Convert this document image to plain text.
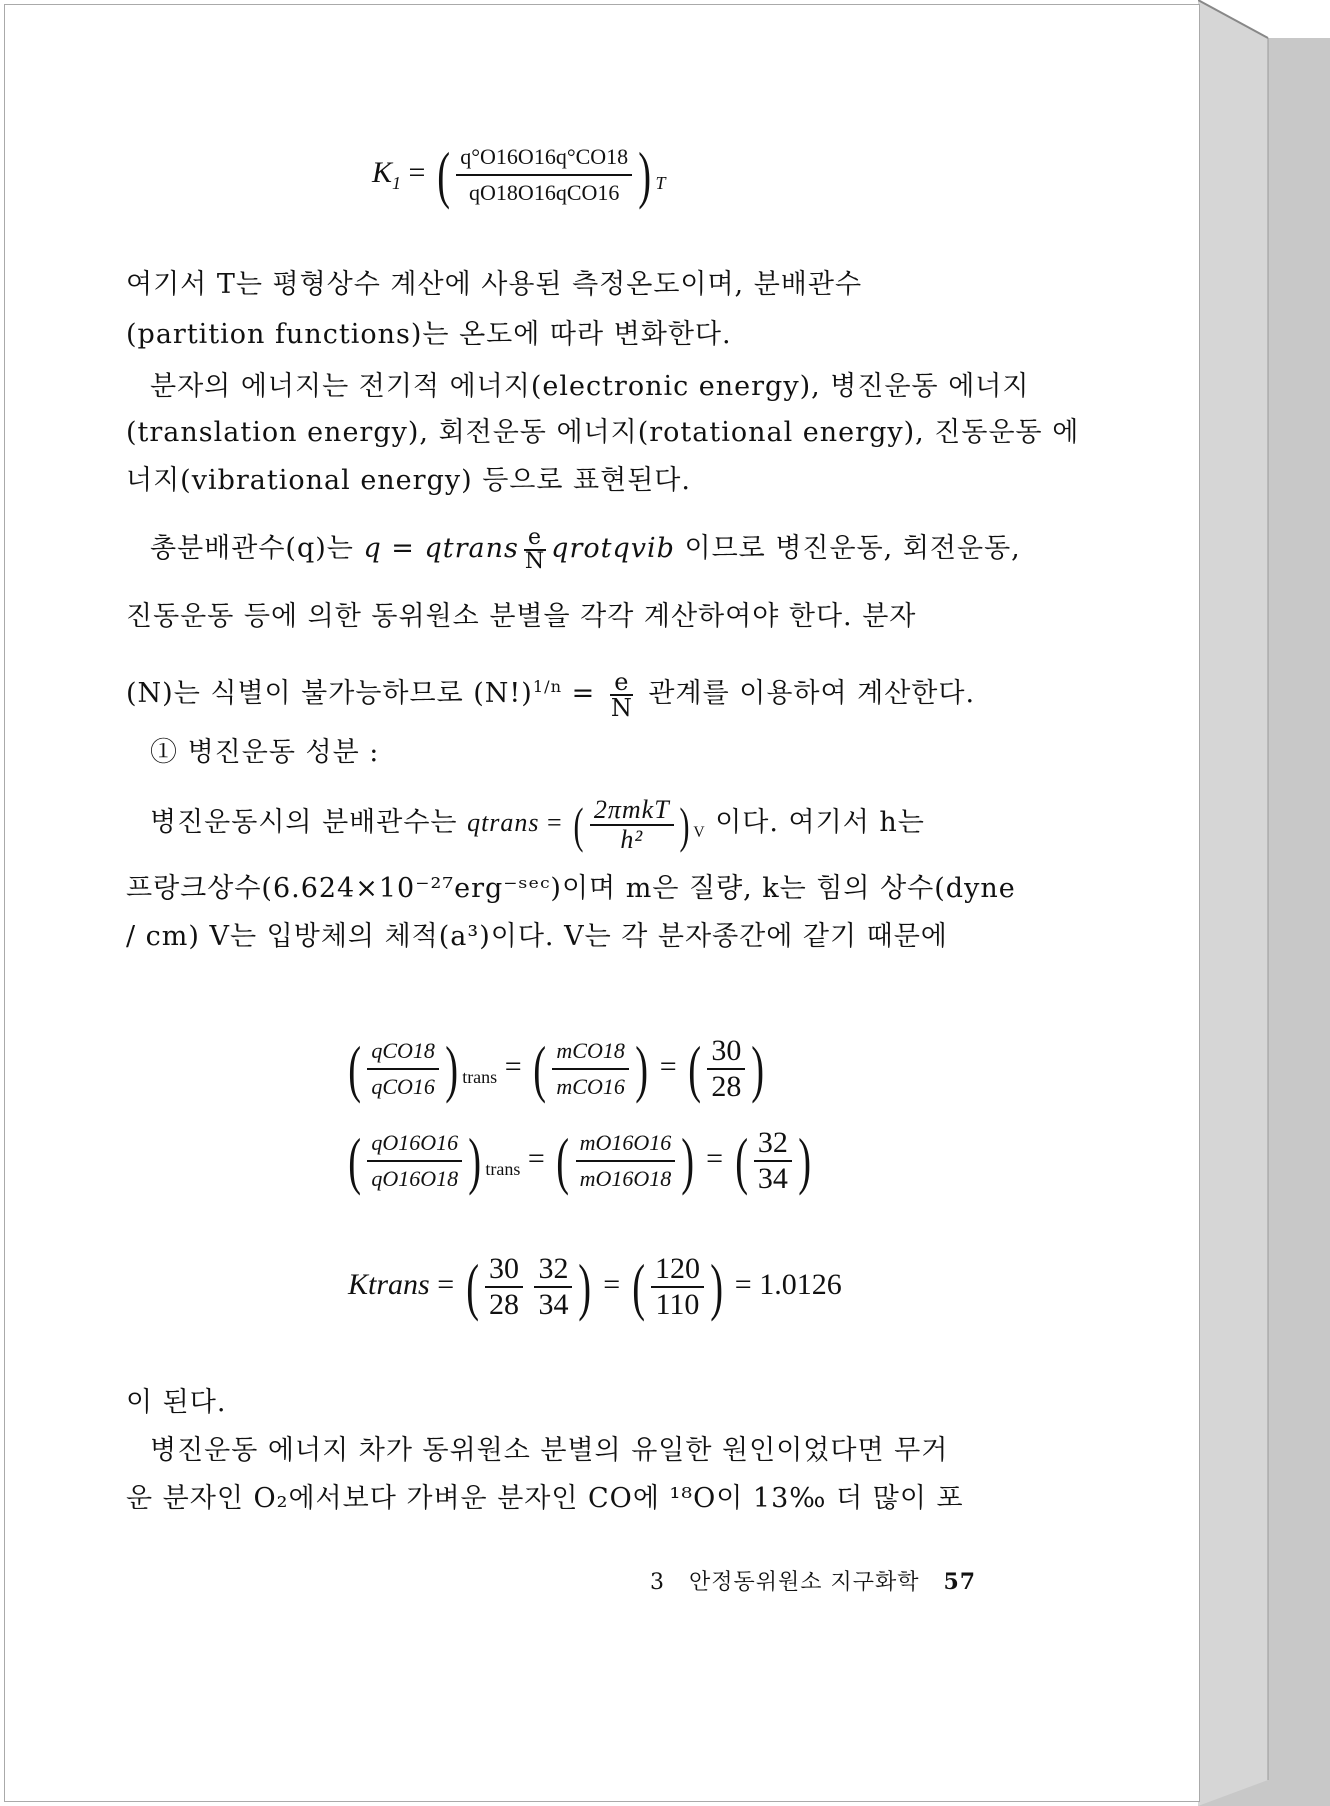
$K_1$ = ( $\frac{q^\circ O16O16q^\circ CO18}{\text{qO18O16qCO16}}$ ) $_T$
여기서 T는 평형상수 계산에 사용된 측정온도이며, 분배관수
(partition functions)는 온도에 따라 변화한다.
분자의 에너지는 전기적 에너지(electronic energy), 병진운동 에너지
(translation energy), 회전운동 에너지(rotational energy), 진동운동 에
너지(vibrational energy) 등으로 표현된다.
총분배관수(q)는 q = qtrans $\frac{e}{N}$ qrotqvib 이므로 병진운동, 회전운동,
진동운동 등에 의한 동위원소 분별을 각각 계산하여야 한다. 분자
(N)는 식별이 불가능하므로 $(N!)^{1/n} = \frac{e}{N}$ 관계를 이용하여 계산한다.
① 병진운동 성분 :
병진운동시의 분배관수는 qtrans = ( $\frac{\text{2πmkT}}{\text{h²}}$ ) $_V$ 이다. 여기서 h는
프랑크상수(6.624×10⁻²⁷erg⁻ˢᵉᶜ)이며 m은 질량, k는 힘의 상수(dyne
/ cm) V는 입방체의 체적(a³)이다. V는 각 분자종간에 같기 때문에
( $\frac{\text{qCO18}}{\text{qCO16}}$ ) $_{trans}$ = ( $\frac{\text{mCO18}}{\text{mCO16}}$ ) = ( $\frac{30}{28}$ )
( $\frac{qO16O16}{qO16O18}$ ) $_{trans}$ = ( $\frac{mO16O16}{mO16O18}$ ) = ( $\frac{32}{34}$ )
Ktrans = ( $\frac{30}{28}$
$\frac{32}{34}$ ) = ( $\frac{120}{110}$ ) = 1.0126
이 된다.
병진운동 에너지 차가 동위원소 분별의 유일한 원인이었다면 무거
운 분자인 O₂에서보다 가벼운 분자인 CO에 ¹⁸O이 13‰ 더 많이 포
3 안정동위원소 지구화학 57
